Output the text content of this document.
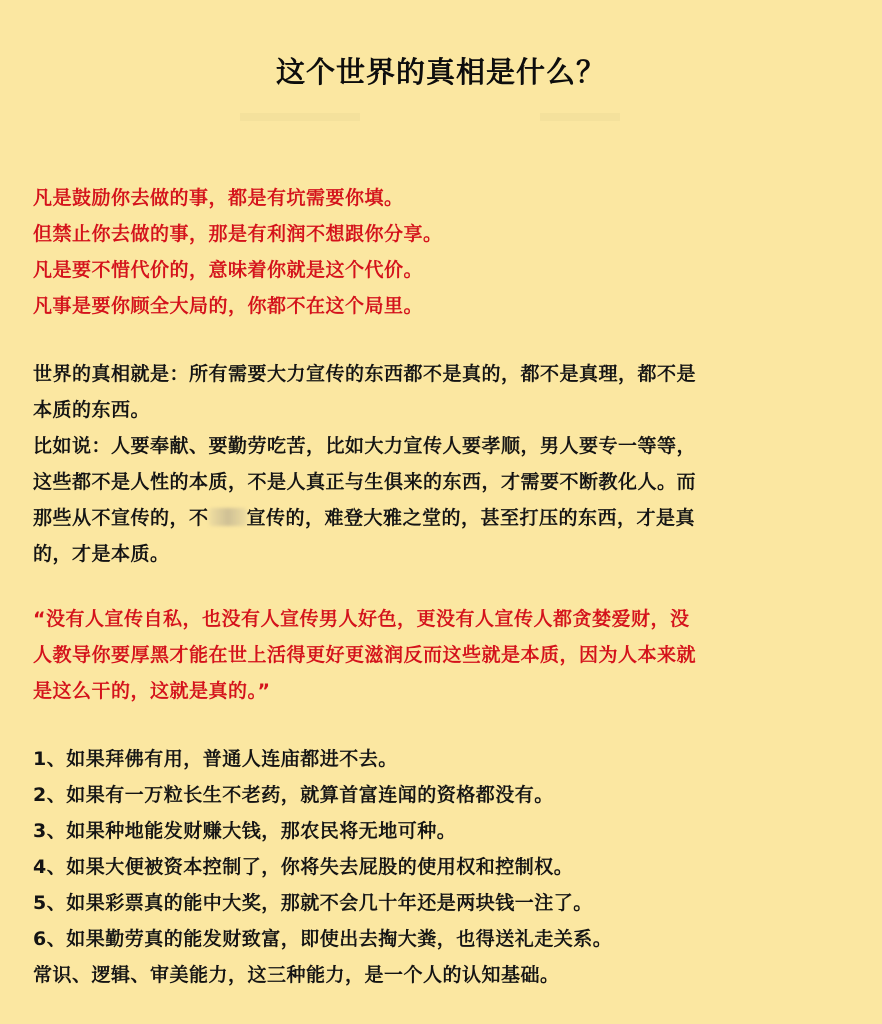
这个世界的真相是什么？
凡是鼓励你去做的事，都是有坑需要你填。
但禁止你去做的事，那是有利润不想跟你分享。
凡是要不惜代价的，意味着你就是这个代价。
凡事是要你顾全大局的，你都不在这个局里。
世界的真相就是：所有需要大力宣传的东西都不是真的，都不是真理，都不是
本质的东西。
比如说：人要奉献、要勤劳吃苦，比如大力宣传人要孝顺，男人要专一等等，
这些都不是人性的本质，不是人真正与生俱来的东西，才需要不断教化人。而
那些从不宣传的，不 宣传的，难登大雅之堂的，甚至打压的东西，才是真
的，才是本质。
“没有人宣传自私，也没有人宣传男人好色，更没有人宣传人都贪婪爱财，没
人教导你要厚黑才能在世上活得更好更滋润反而这些就是本质，因为人本来就
是这么干的，这就是真的。”
1、如果拜佛有用，普通人连庙都进不去。
2、如果有一万粒长生不老药，就算首富连闻的资格都没有。
3、如果种地能发财赚大钱，那农民将无地可种。
4、如果大便被资本控制了，你将失去屁股的使用权和控制权。
5、如果彩票真的能中大奖，那就不会几十年还是两块钱一注了。
6、如果勤劳真的能发财致富，即使出去掏大粪，也得送礼走关系。
常识、逻辑、审美能力，这三种能力，是一个人的认知基础。
